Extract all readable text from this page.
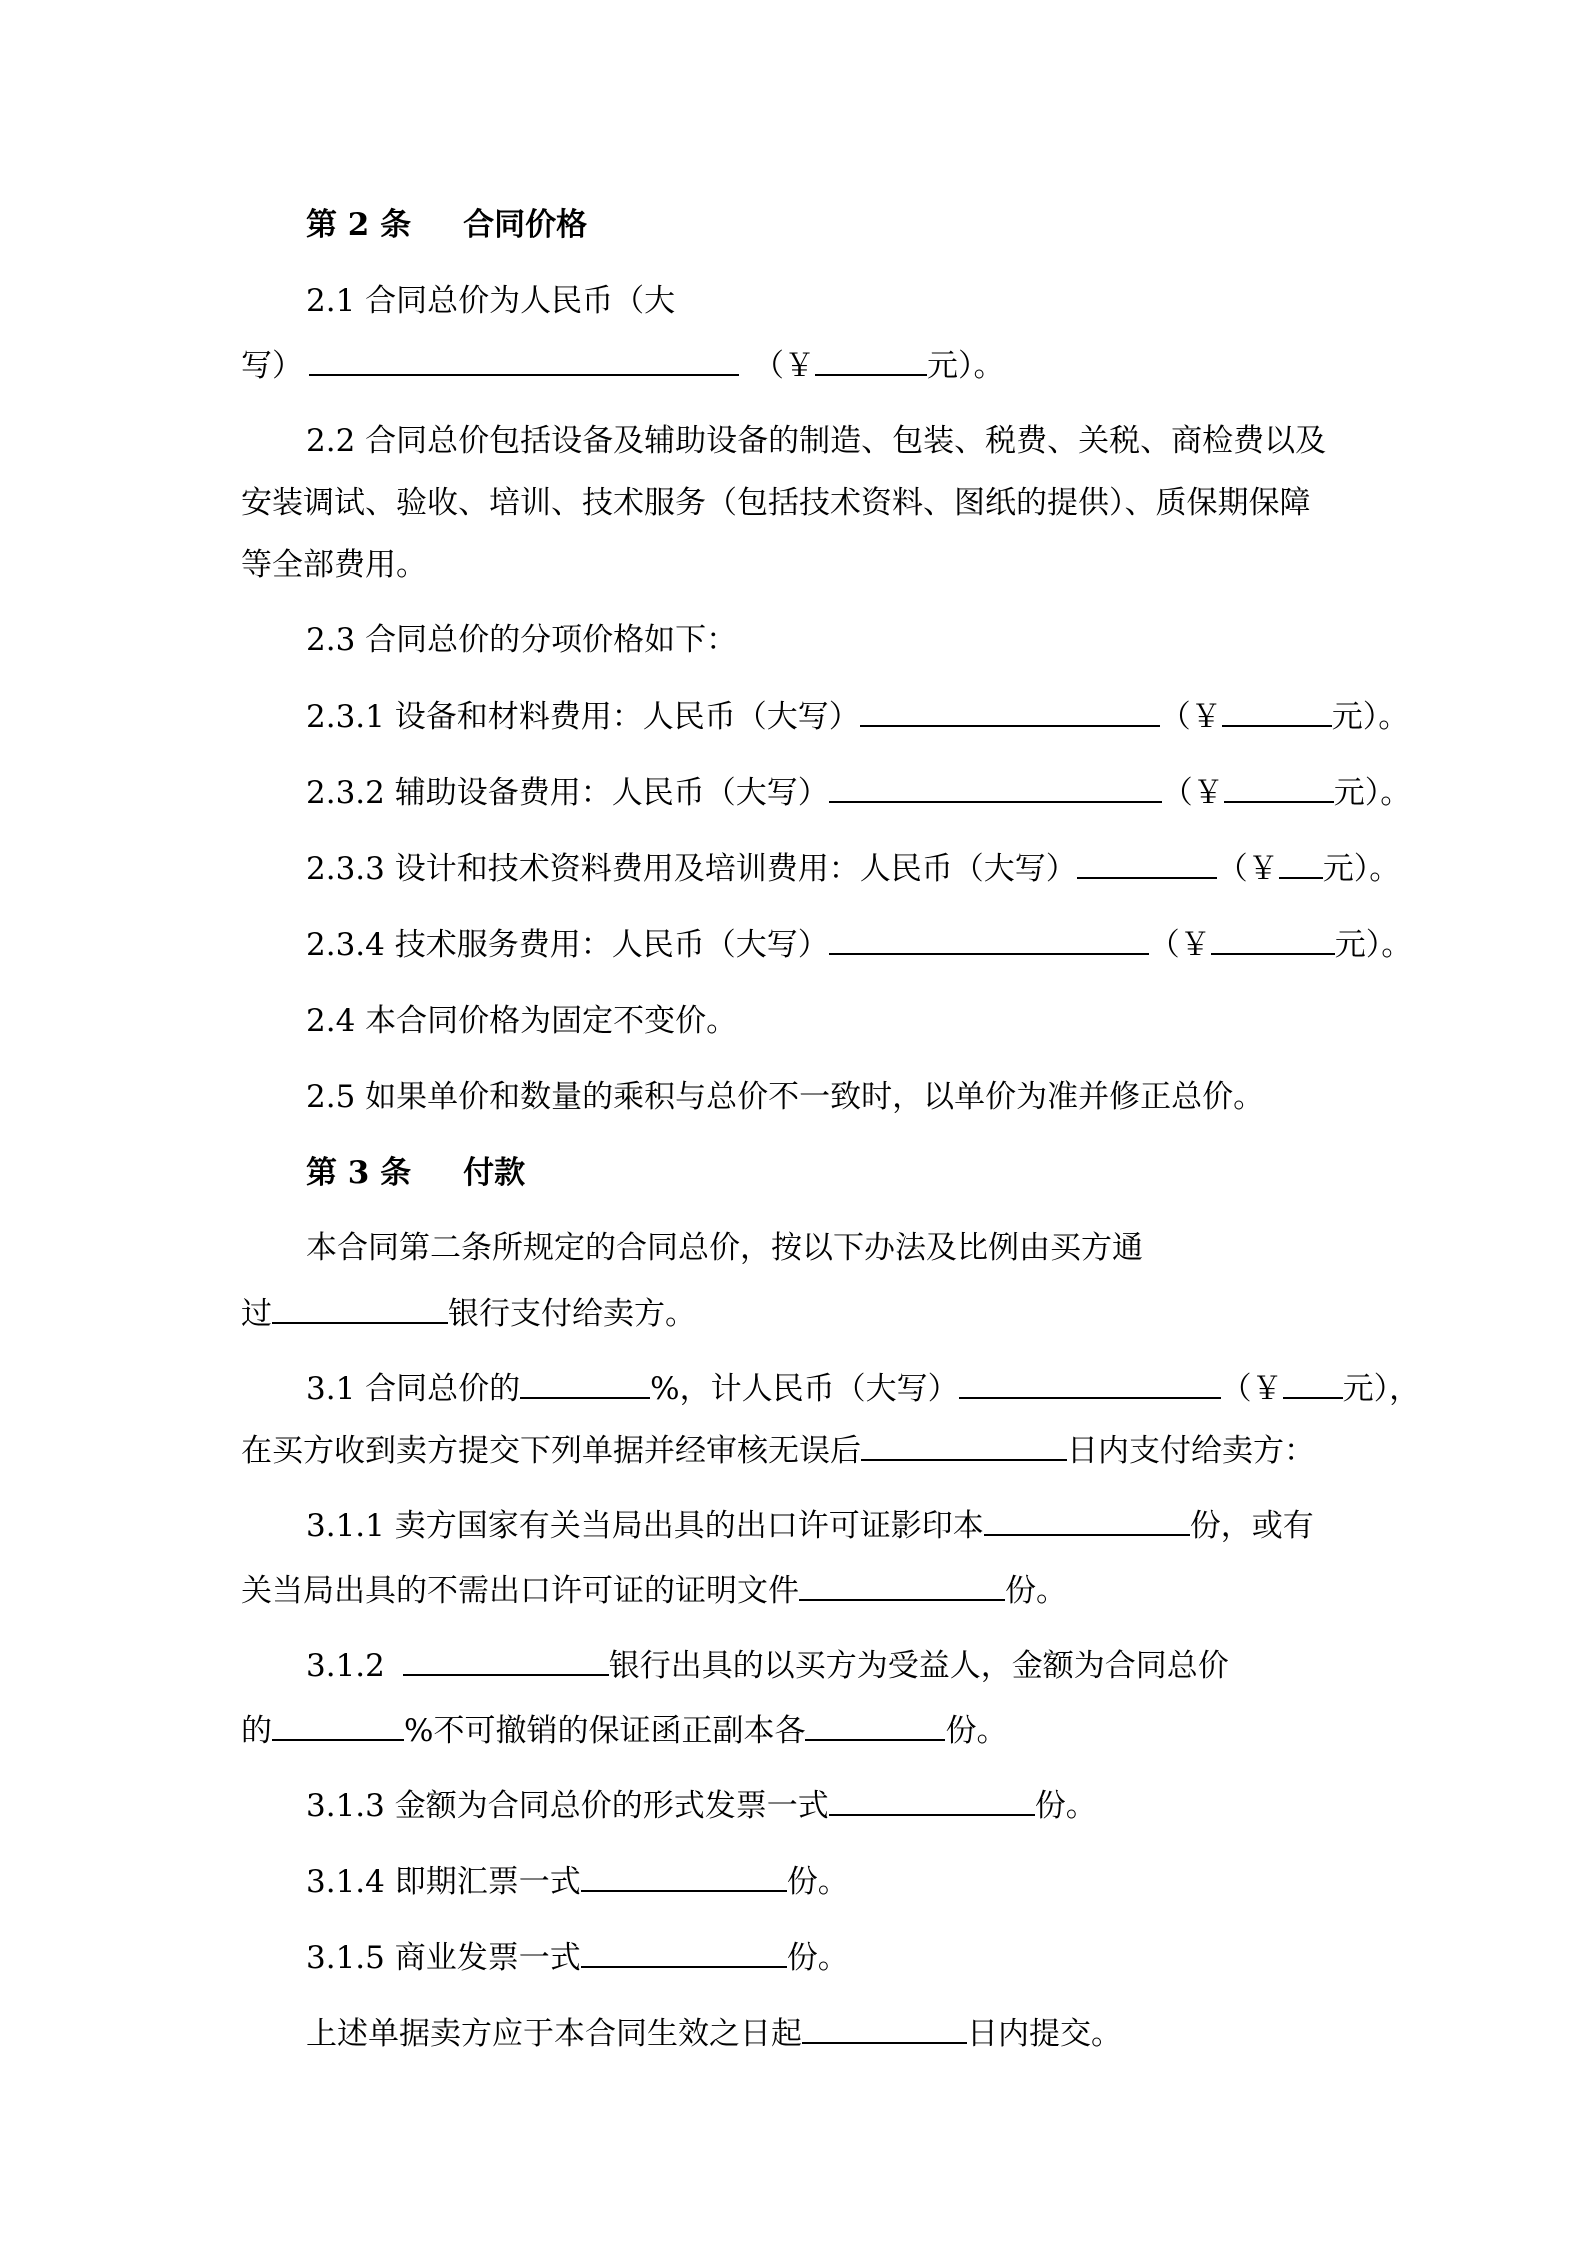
第 2 条 合同价格
2.1 合同总价为人民币（大
写）	（￥	元）。
2.2 合同总价包括设备及辅助设备的制造、包装、税费、关税、商检费以及
安装调试、验收、培训、技术服务（包括技术资料、图纸的提供）、质保期保障
等全部费用。
2.3 合同总价的分项价格如下：
2.3.1 设备和材料费用：人民币（大写）	（￥	元）。
2.3.2 辅助设备费用：人民币（大写）	（￥	元）。
2.3.3 设计和技术资料费用及培训费用：人民币（大写）	（￥ 元）。
2.3.4 技术服务费用：人民币（大写）	（￥	元）。
2.4 本合同价格为固定不变价。
2.5 如果单价和数量的乘积与总价不一致时，以单价为准并修正总价。
第 3 条 付款
本合同第二条所规定的合同总价，按以下办法及比例由买方通
过	银行支付给卖方。
3.1 合同总价的	%，计人民币（大写）	（￥ 元），
在买方收到卖方提交下列单据并经审核无误后	日内支付给卖方：
3.1.1 卖方国家有关当局出具的出口许可证影印本	份，或有
关当局出具的不需出口许可证的证明文件	份。
3.1.2	银行出具的以买方为受益人，金额为合同总价
的	%不可撤销的保证函正副本各	份。
3.1.3 金额为合同总价的形式发票一式	份。
3.1.4 即期汇票一式	份。
3.1.5 商业发票一式	份。
上述单据卖方应于本合同生效之日起	日内提交。
